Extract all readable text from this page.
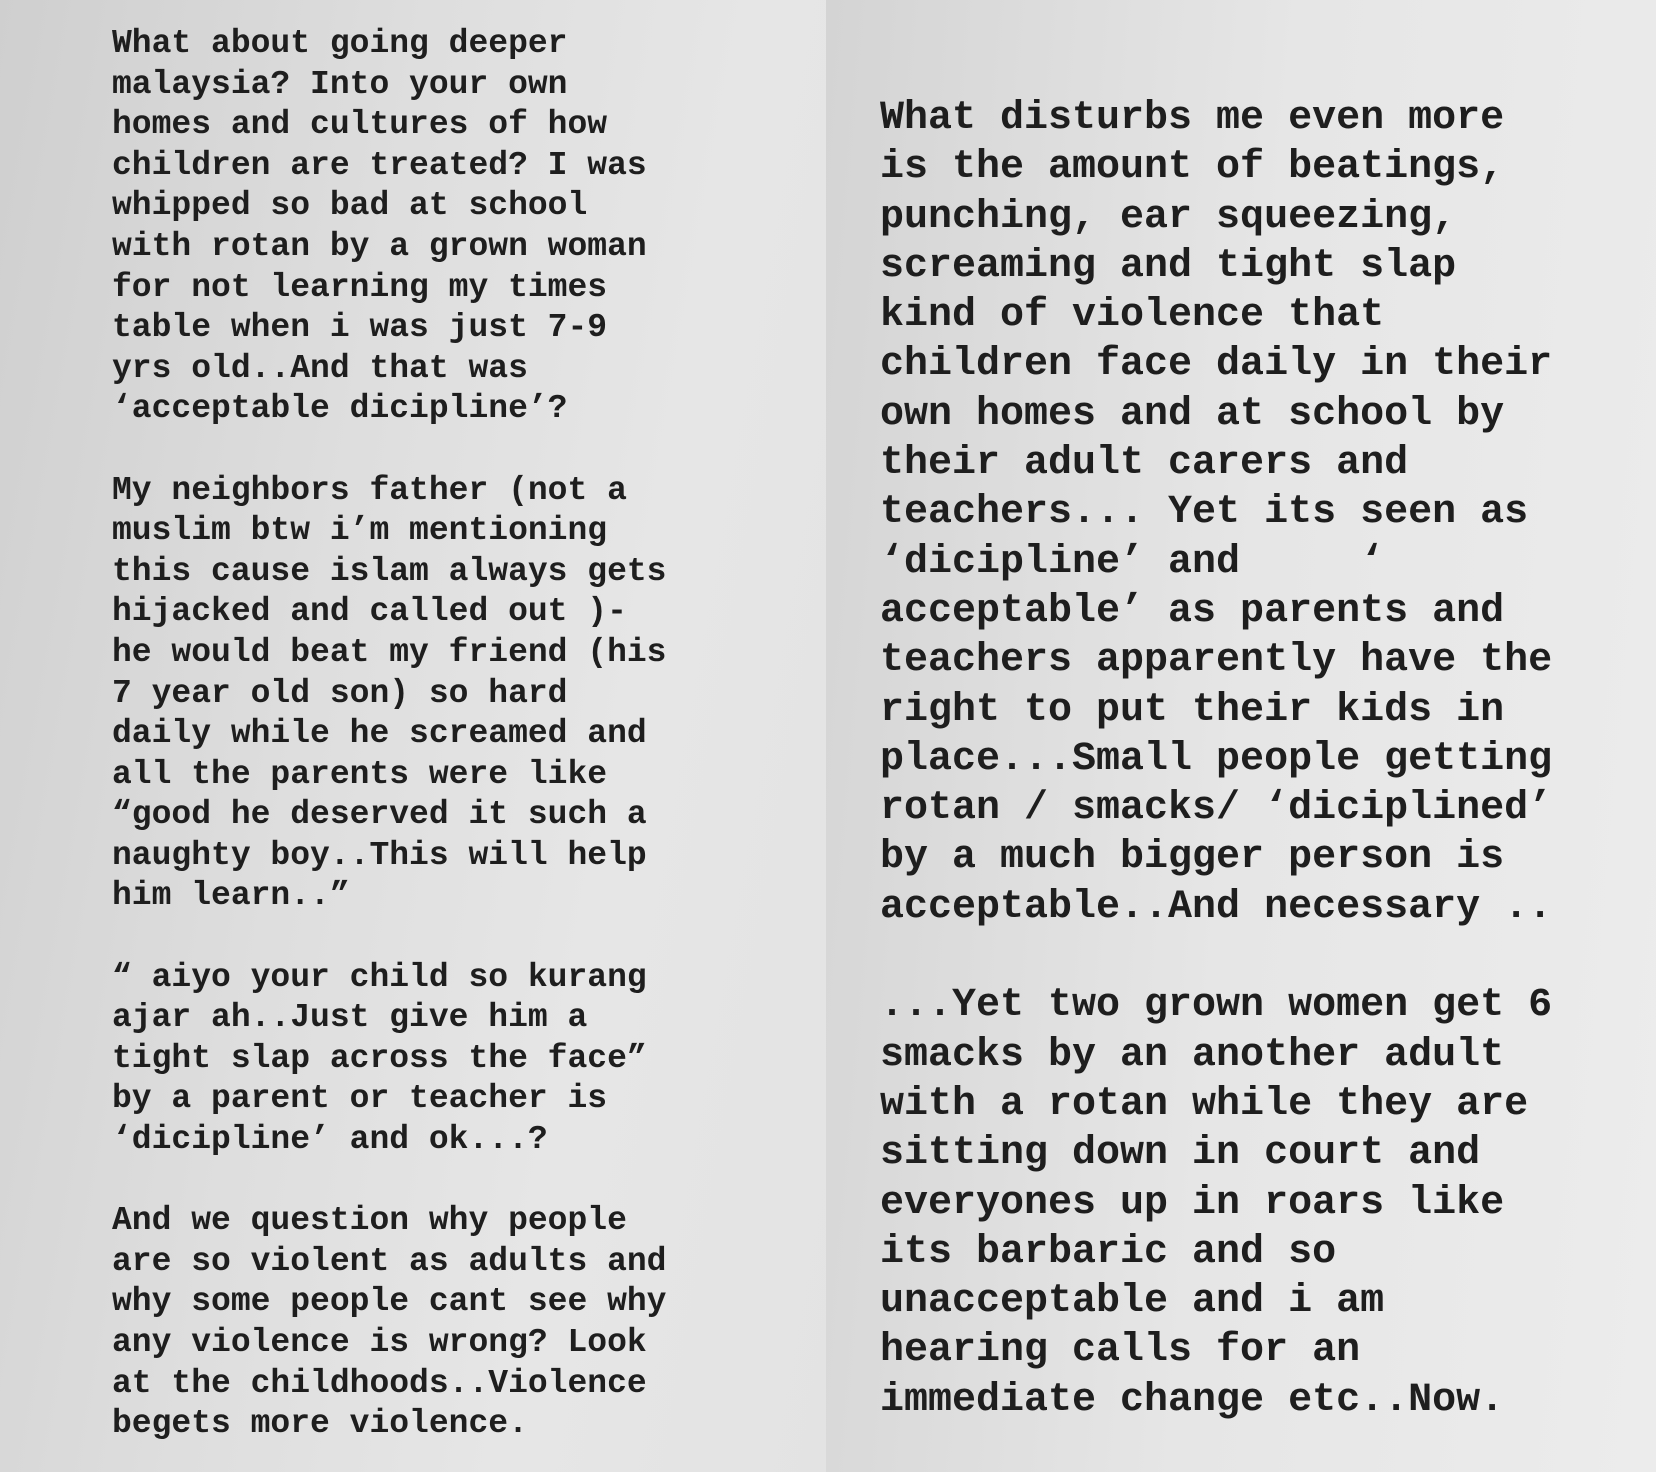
What about going deeper
malaysia? Into your own
homes and cultures of how
children are treated? I was
whipped so bad at school
with rotan by a grown woman
for not learning my times
table when i was just 7-9
yrs old..And that was
‘acceptable dicipline’?

My neighbors father (not a
muslim btw i’m mentioning
this cause islam always gets
hijacked and called out )-
he would beat my friend (his
7 year old son) so hard
daily while he screamed and
all the parents were like
“good he deserved it such a
naughty boy..This will help
him learn..”

“ aiyo your child so kurang
ajar ah..Just give him a
tight slap across the face”
by a parent or teacher is
‘dicipline’ and ok...?

And we question why people
are so violent as adults and
why some people cant see why
any violence is wrong? Look
at the childhoods..Violence
begets more violence.

What disturbs me even more
is the amount of beatings,
punching, ear squeezing,
screaming and tight slap
kind of violence that
children face daily in their
own homes and at school by
their adult carers and
teachers... Yet its seen as
‘dicipline’ and     ‘
acceptable’ as parents and
teachers apparently have the
right to put their kids in
place...Small people getting
rotan / smacks/ ‘diciplined’
by a much bigger person is
acceptable..And necessary ..

...Yet two grown women get 6
smacks by an another adult
with a rotan while they are
sitting down in court and
everyones up in roars like
its barbaric and so
unacceptable and i am
hearing calls for an
immediate change etc..Now.
